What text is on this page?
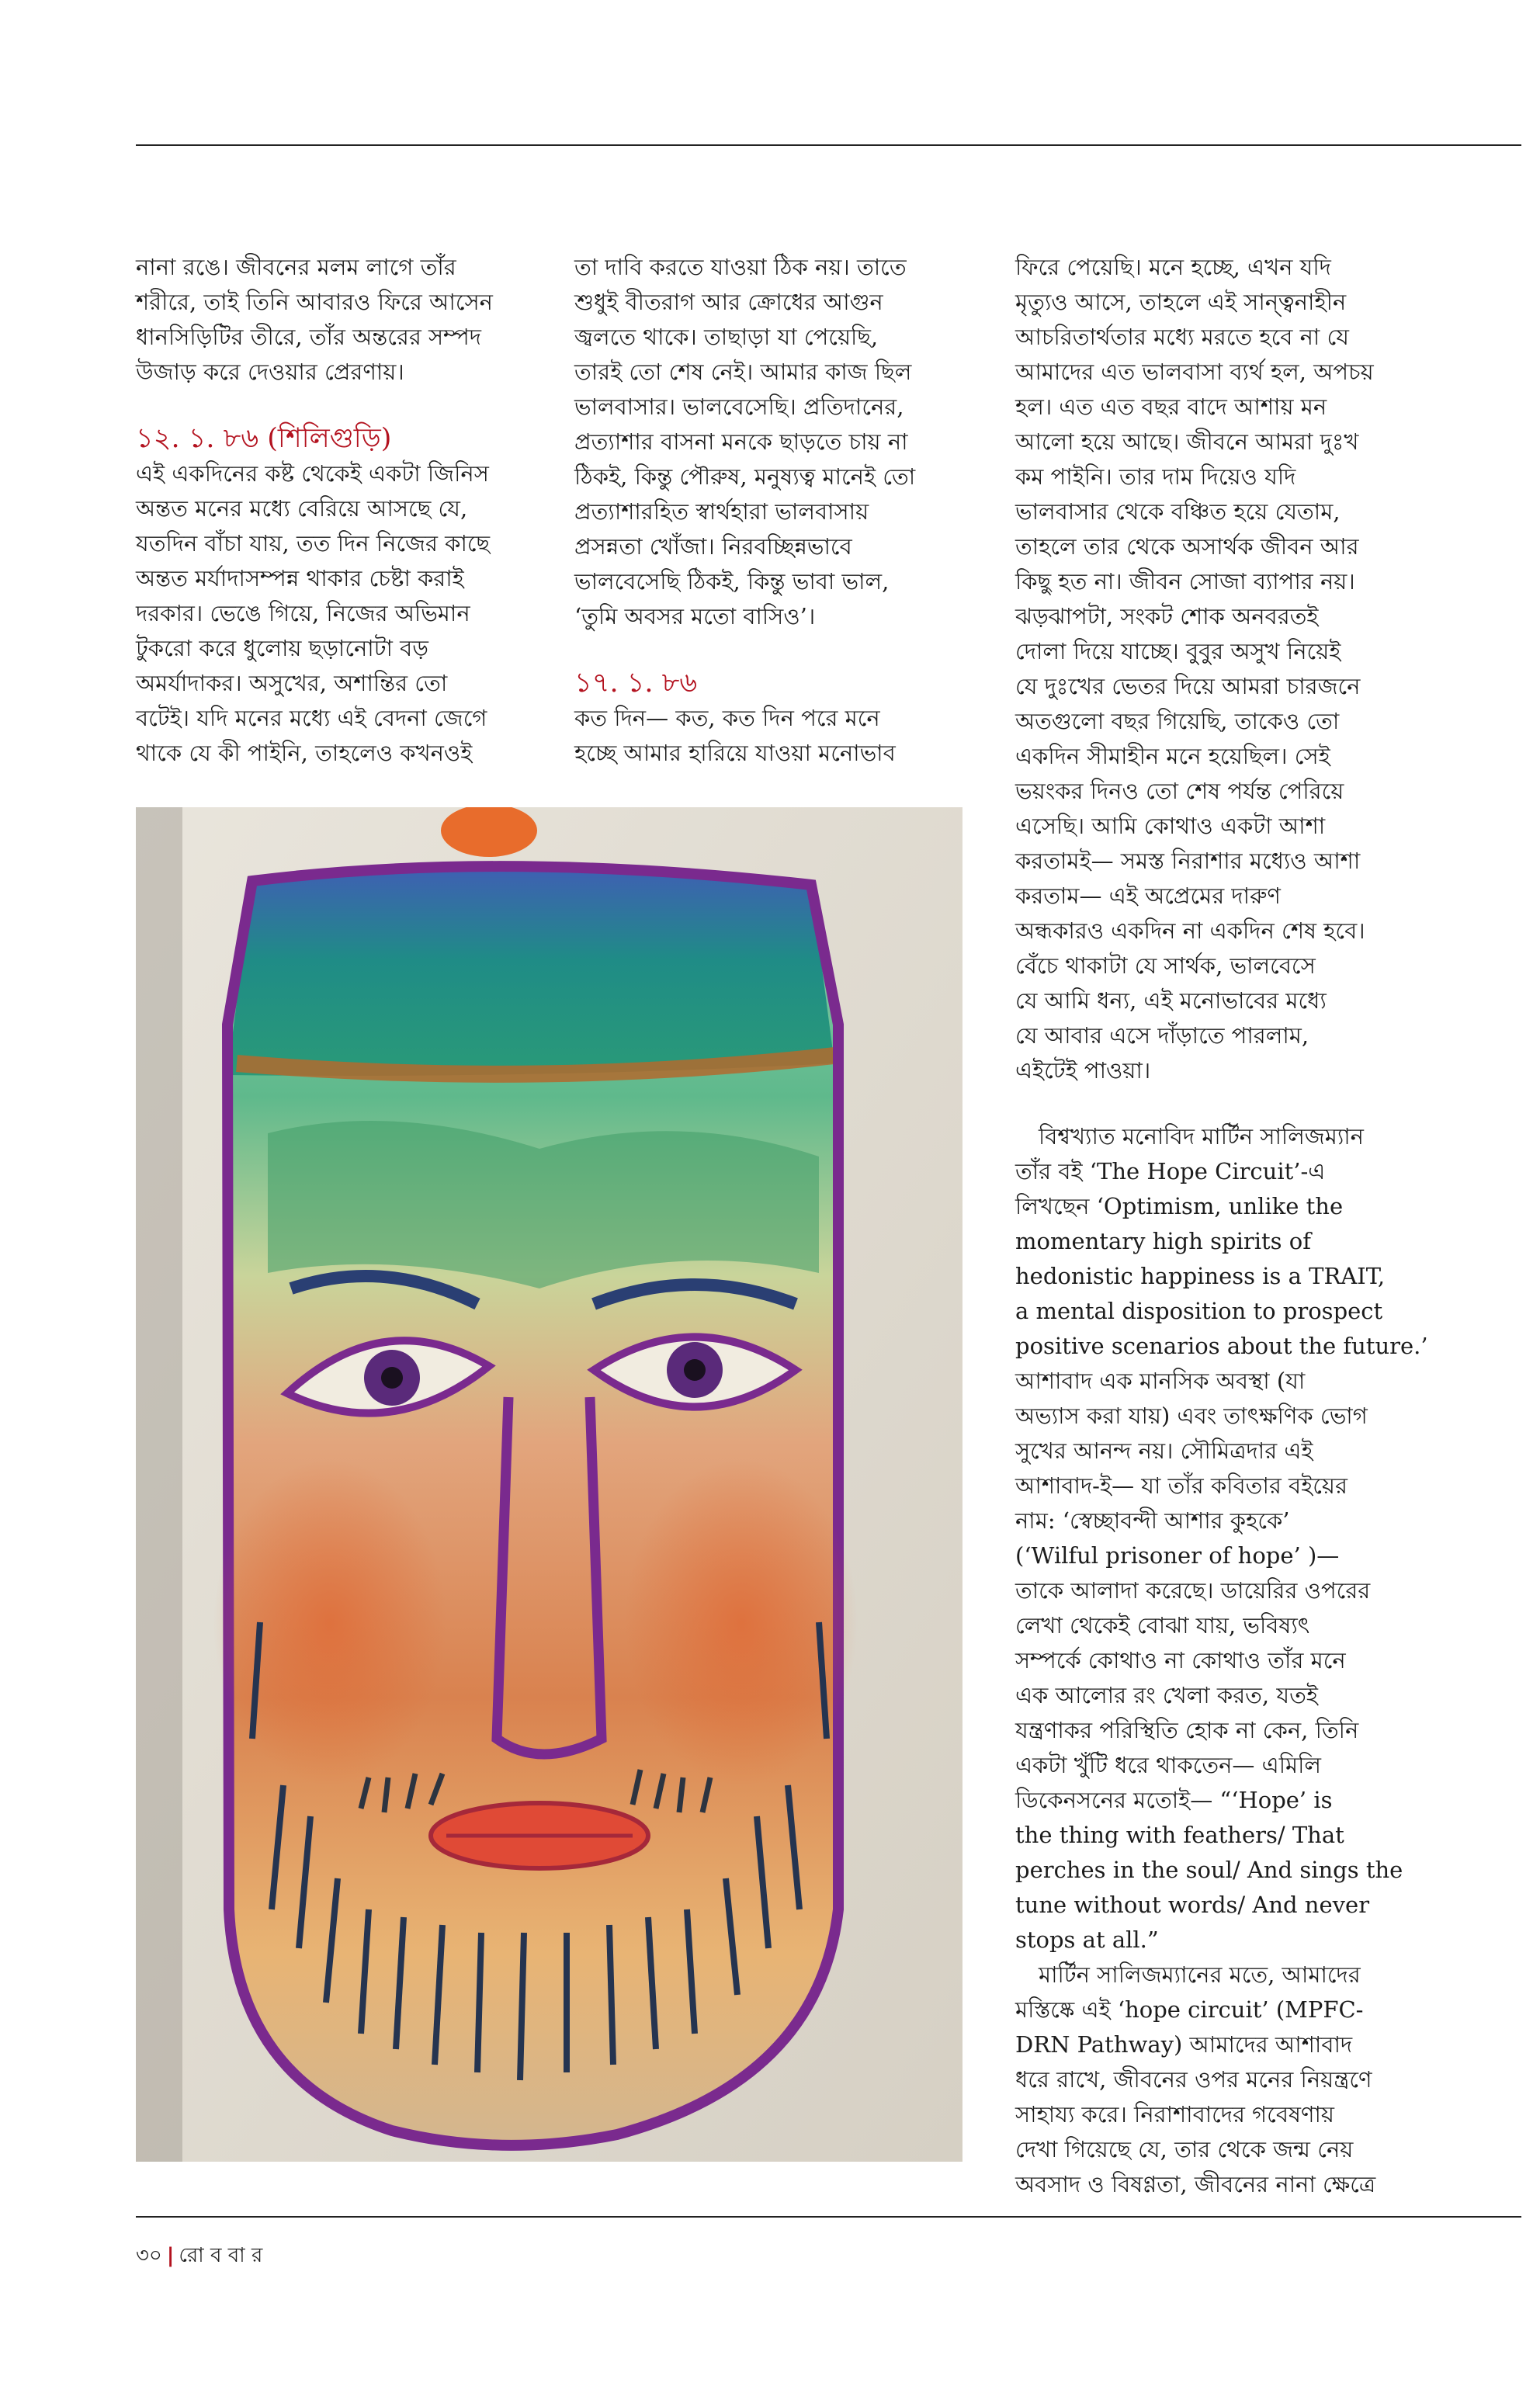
নানা রঙে। জীবনের মলম লাগে তাঁর
শরীরে, তাই তিনি আবারও ফিরে আসেন
ধানসিড়িটির তীরে, তাঁর অন্তরের সম্পদ
উজাড় করে দেওয়ার প্রেরণায়।

১২. ১. ৮৬ (শিলিগুড়ি)

এই একদিনের কষ্ট থেকেই একটা জিনিস
অন্তত মনের মধ্যে বেরিয়ে আসছে যে,
যতদিন বাঁচা যায়, তত দিন নিজের কাছে
অন্তত মর্যাদাসম্পন্ন থাকার চেষ্টা করাই
দরকার। ভেঙে গিয়ে, নিজের অভিমান
টুকরো করে ধুলোয় ছড়ানোটা বড়
অমর্যাদাকর। অসুখের, অশান্তির তো
বটেই। যদি মনের মধ্যে এই বেদনা জেগে
থাকে যে কী পাইনি, তাহলেও কখনওই

তা দাবি করতে যাওয়া ঠিক নয়। তাতে
শুধুই বীতরাগ আর ক্রোধের আগুন
জ্বলতে থাকে। তাছাড়া যা পেয়েছি,
তারই তো শেষ নেই। আমার কাজ ছিল
ভালবাসার। ভালবেসেছি। প্রতিদানের,
প্রত্যাশার বাসনা মনকে ছাড়তে চায় না
ঠিকই, কিন্তু পৌরুষ, মনুষ্যত্ব মানেই তো
প্রত্যাশারহিত স্বার্থহারা ভালবাসায়
প্রসন্নতা খোঁজা। নিরবচ্ছিন্নভাবে
ভালবেসেছি ঠিকই, কিন্তু ভাবা ভাল,
‘তুমি অবসর মতো বাসিও’।

১৭. ১. ৮৬

কত দিন— কত, কত দিন পরে মনে
হচ্ছে আমার হারিয়ে যাওয়া মনোভাব

ফিরে পেয়েছি। মনে হচ্ছে, এখন যদি
মৃত্যুও আসে, তাহলে এই সান্ত্বনাহীন
আচরিতার্থতার মধ্যে মরতে হবে না যে
আমাদের এত ভালবাসা ব্যর্থ হল, অপচয়
হল। এত এত বছর বাদে আশায় মন
আলো হয়ে আছে। জীবনে আমরা দুঃখ
কম পাইনি। তার দাম দিয়েও যদি
ভালবাসার থেকে বঞ্চিত হয়ে যেতাম,
তাহলে তার থেকে অসার্থক জীবন আর
কিছু হত না। জীবন সোজা ব্যাপার নয়।
ঝড়ঝাপটা, সংকট শোক অনবরতই
দোলা দিয়ে যাচ্ছে। বুবুর অসুখ নিয়েই
যে দুঃখের ভেতর দিয়ে আমরা চারজনে
অতগুলো বছর গিয়েছি, তাকেও তো
একদিন সীমাহীন মনে হয়েছিল। সেই
ভয়ংকর দিনও তো শেষ পর্যন্ত পেরিয়ে
এসেছি। আমি কোথাও একটা আশা
করতামই— সমস্ত নিরাশার মধ্যেও আশা
করতাম— এই অপ্রেমের দারুণ
অন্ধকারও একদিন না একদিন শেষ হবে।
বেঁচে থাকাটা যে সার্থক, ভালবেসে
যে আমি ধন্য, এই মনোভাবের মধ্যে
যে আবার এসে দাঁড়াতে পারলাম,
এইটেই পাওয়া।

বিশ্বখ্যাত মনোবিদ মার্টিন সালিজম্যান
তাঁর বই ‘The Hope Circuit’-এ
লিখছেন ‘Optimism, unlike the
momentary high spirits of
hedonistic happiness is a TRAIT,
a mental disposition to prospect
positive scenarios about the future.’
আশাবাদ এক মানসিক অবস্থা (যা
অভ্যাস করা যায়) এবং তাৎক্ষণিক ভোগ
সুখের আনন্দ নয়। সৌমিত্রদার এই
আশাবাদ-ই— যা তাঁর কবিতার বইয়ের
নাম: ‘স্বেচ্ছাবন্দী আশার কুহকে’
(‘Wilful prisoner of hope’ )—
তাকে আলাদা করেছে। ডায়েরির ওপরের
লেখা থেকেই বোঝা যায়, ভবিষ্যৎ
সম্পর্কে কোথাও না কোথাও তাঁর মনে
এক আলোর রং খেলা করত, যতই
যন্ত্রণাকর পরিস্থিতি হোক না কেন, তিনি
একটা খুঁটি ধরে থাকতেন— এমিলি
ডিকেনসনের মতোই— “‘Hope’ is
the thing with feathers/ That
perches in the soul/ And sings the
tune without words/ And never
stops at all.”

মার্টিন সালিজম্যানের মতে, আমাদের
মস্তিষ্কে এই ‘hope circuit’ (MPFC-
DRN Pathway) আমাদের আশাবাদ
ধরে রাখে, জীবনের ওপর মনের নিয়ন্ত্রণে
সাহায্য করে। নিরাশাবাদের গবেষণায়
দেখা গিয়েছে যে, তার থেকে জন্ম নেয়
অবসাদ ও বিষণ্ণতা, জীবনের নানা ক্ষেত্রে

৩০ | রো ব বা র
